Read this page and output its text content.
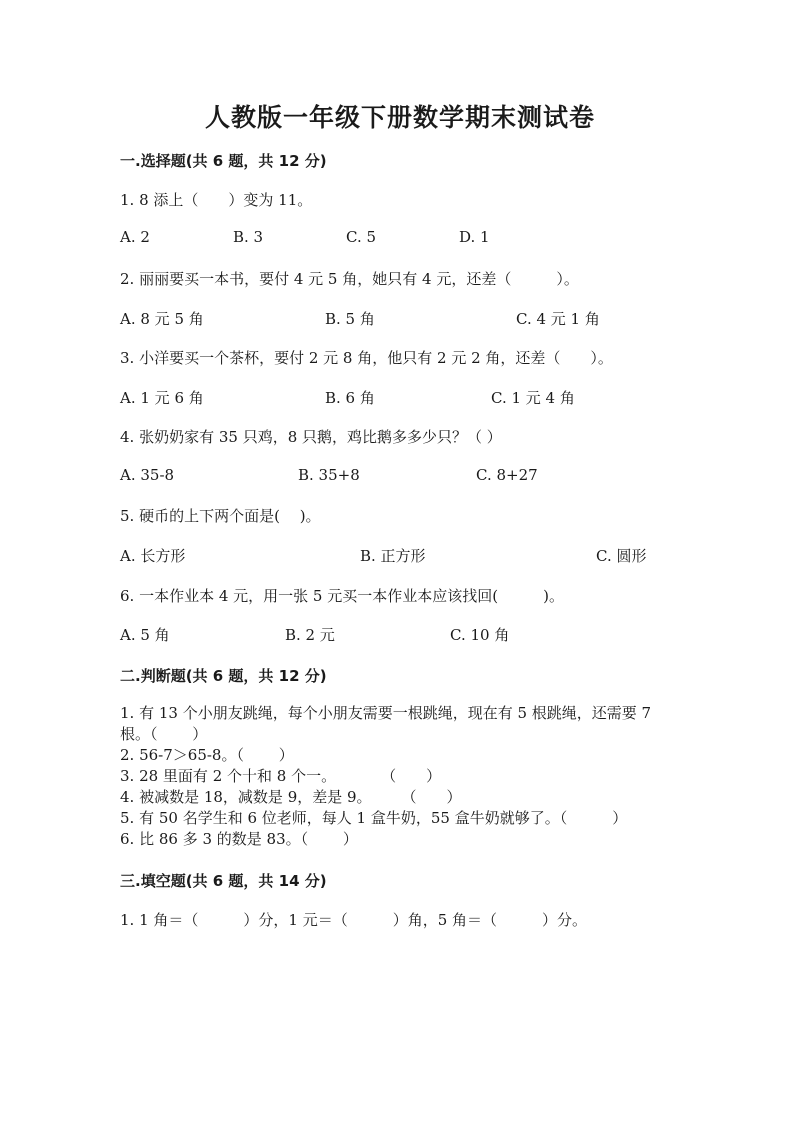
人教版一年级下册数学期末测试卷
一.选择题(共 6 题，共 12 分)
1. 8 添上（　　）变为 11。
A. 2	B. 3	C. 5	D. 1
2. 丽丽要买一本书，要付 4 元 5 角，她只有 4 元，还差（　　　）。
A. 8 元 5 角	B. 5 角	C. 4 元 1 角
3. 小洋要买一个茶杯，要付 2 元 8 角，他只有 2 元 2 角，还差（　　）。
A. 1 元 6 角	B. 6 角	C. 1 元 4 角
4. 张奶奶家有 35 只鸡，8 只鹅，鸡比鹅多多少只？（ ）
A. 35-8	B. 35+8	C. 8+27
5. 硬币的上下两个面是(　 )。
A. 长方形	B. 正方形	C. 圆形
6. 一本作业本 4 元，用一张 5 元买一本作业本应该找回(　　　)。
A. 5 角	B. 2 元	C. 10 角
二.判断题(共 6 题，共 12 分)
1. 有 13 个小朋友跳绳，每个小朋友需要一根跳绳，现在有 5 根跳绳，还需要 7
根。（　　 ）
2. 56-7＞65-8。（　　 ）
3. 28 里面有 2 个十和 8 个一。　　　　（　　）
4. 被减数是 18，减数是 9，差是 9。　　　（　　）
5. 有 50 名学生和 6 位老师，每人 1 盒牛奶，55 盒牛奶就够了。（　　　）
6. 比 86 多 3 的数是 83。（　　 ）
三.填空题(共 6 题，共 14 分)
1. 1 角＝（　　　）分，1 元＝（　　　）角，5 角＝（　　　）分。
